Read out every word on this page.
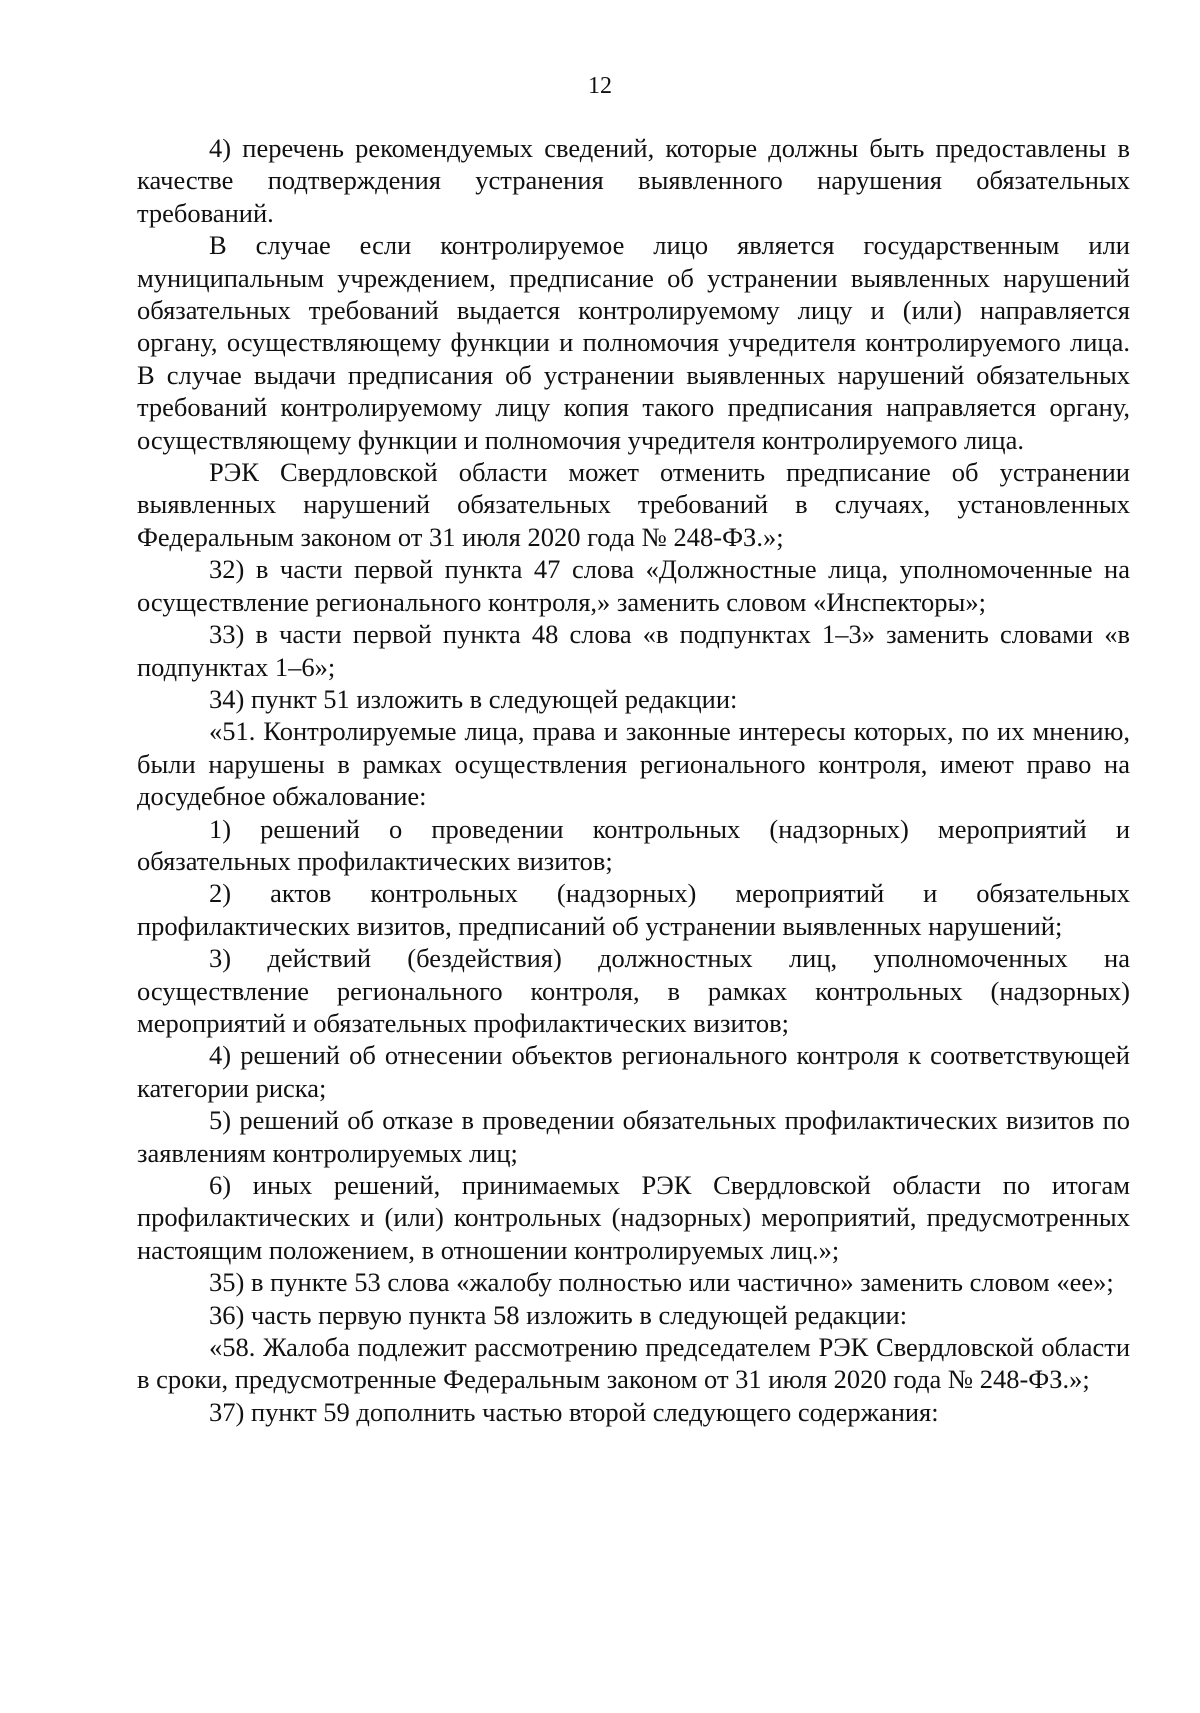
12

4) перечень рекомендуемых сведений, которые должны быть предоставлены в качестве подтверждения устранения выявленного нарушения обязательных требований.

В случае если контролируемое лицо является государственным или муниципальным учреждением, предписание об устранении выявленных нарушений обязательных требований выдается контролируемому лицу и (или) направляется органу, осуществляющему функции и полномочия учредителя контролируемого лица. В случае выдачи предписания об устранении выявленных нарушений обязательных требований контролируемому лицу копия такого предписания направляется органу, осуществляющему функции и полномочия учредителя контролируемого лица.

РЭК Свердловской области может отменить предписание об устранении выявленных нарушений обязательных требований в случаях, установленных Федеральным законом от 31 июля 2020 года № 248-ФЗ.»;

32) в части первой пункта 47 слова «Должностные лица, уполномоченные на осуществление регионального контроля,» заменить словом «Инспекторы»;

33) в части первой пункта 48 слова «в подпунктах 1–3» заменить словами «в подпунктах 1–6»;

34) пункт 51 изложить в следующей редакции:

«51. Контролируемые лица, права и законные интересы которых, по их мнению, были нарушены в рамках осуществления регионального контроля, имеют право на досудебное обжалование:

1) решений о проведении контрольных (надзорных) мероприятий и обязательных профилактических визитов;

2) актов контрольных (надзорных) мероприятий и обязательных профилактических визитов, предписаний об устранении выявленных нарушений;

3) действий (бездействия) должностных лиц, уполномоченных на осуществление регионального контроля, в рамках контрольных (надзорных) мероприятий и обязательных профилактических визитов;

4) решений об отнесении объектов регионального контроля к соответствующей категории риска;

5) решений об отказе в проведении обязательных профилактических визитов по заявлениям контролируемых лиц;

6) иных решений, принимаемых РЭК Свердловской области по итогам профилактических и (или) контрольных (надзорных) мероприятий, предусмотренных настоящим положением, в отношении контролируемых лиц.»;

35) в пункте 53 слова «жалобу полностью или частично» заменить словом «ее»;

36) часть первую пункта 58 изложить в следующей редакции:

«58. Жалоба подлежит рассмотрению председателем РЭК Свердловской области в сроки, предусмотренные Федеральным законом от 31 июля 2020 года № 248-ФЗ.»;

37) пункт 59 дополнить частью второй следующего содержания:
